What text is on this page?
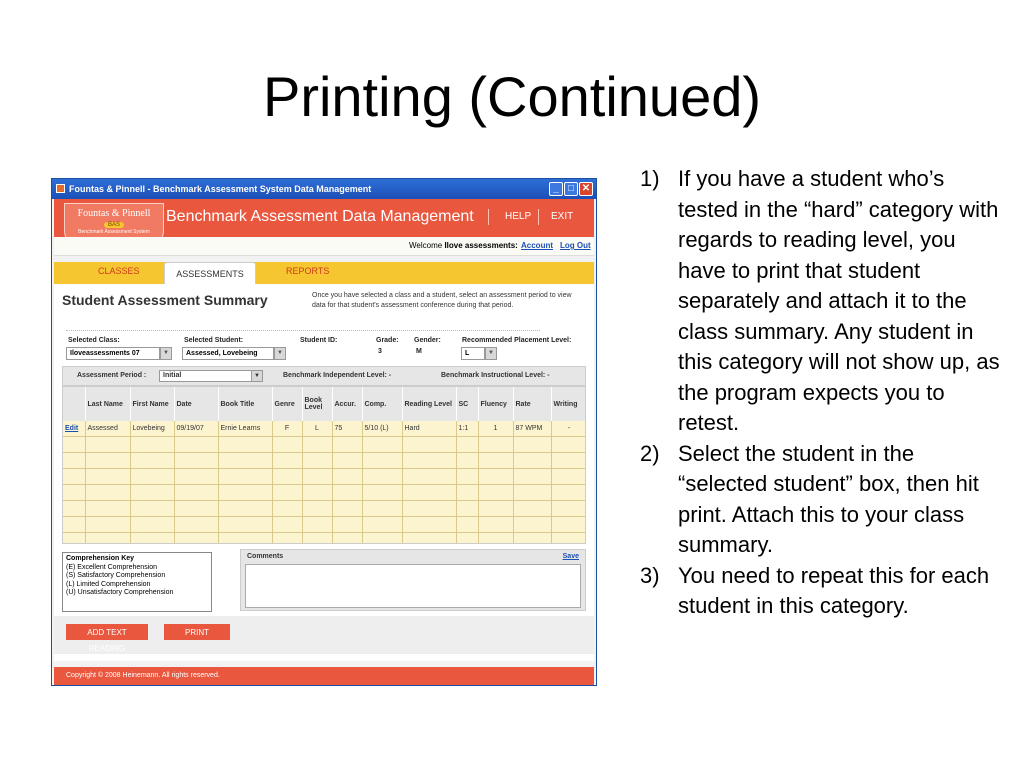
Printing (Continued)
Fountas & Pinnell - Benchmark Assessment System Data Management	_ □ ✕
Fountas & Pinnell
BAS
Benchmark Assessment System
Benchmark Assessment Data Management	HELP EXIT
Welcome Ilove assessments: Account Log Out
CLASSES	ASSESSMENTS	REPORTS
Student Assessment Summary	Once you have selected a class and a student, select an assessment period to view data for that student's assessment conference during that period.
Selected Class:
Iloveassessments 07	▼
Selected Student:
Assessed, Lovebeing	▼
Student ID:	Grade:
3
Gender:
M
Recommended Placement Level:
L	▼
Assessment Period :	Initial	▼	Benchmark Independent Level: -	Benchmark Instructional Level: -
	Last Name	First Name	Date	Book Title	Genre	Book Level	Accur.	Comp.	Reading Level	SC	Fluency	Rate	Writing
Edit	Assessed	Lovebeing	09/19/07	Ernie Learns	F	L	75	5/10 (L)	Hard	1:1	1	87 WPM	-

Comprehension Key
(E) Excellent Comprehension
(S) Satisfactory Comprehension
(L) Limited Comprehension
(U) Unsatisfactory Comprehension
Comments	Save
ADD TEXT READING
PRINT
Copyright © 2008 Heinemann. All rights reserved.
1) If you have a student who’s tested in the “hard” category with regards to reading level, you have to print that student separately and attach it to the class summary. Any student in this category will not show up, as the program expects you to retest.
2) Select the student in the “selected student” box, then hit print. Attach this to your class summary.
3) You need to repeat this for each student in this category.
